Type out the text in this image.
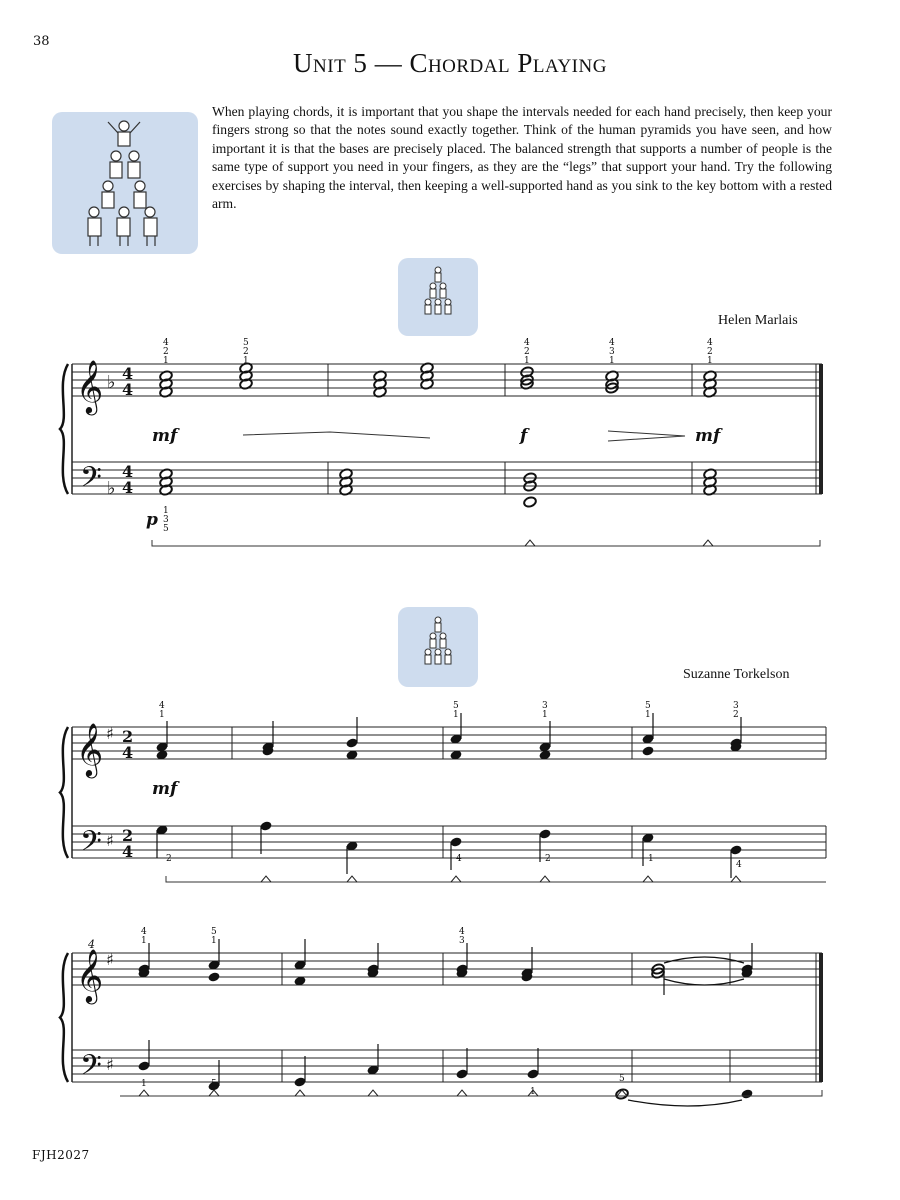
38
Unit 5 — Chordal Playing
When playing chords, it is important that you shape the intervals needed for each hand precisely, then keep your fingers strong so that the notes sound exactly together. Think of the human pyramids you have seen, and how important it is that the bases are precisely placed. The balanced strength that supports a number of people is the same type of support you need in your fingers, as they are the “legs” that support your hand. Try the following exercises by shaping the interval, then keeping a well-supported hand as you sink to the key bottom with a rested arm.
Helen Marlais
Suzanne Torkelson
FJH2027
𝄞
𝄢
♭
♭
4
4
4
4
4
2
1
5
2
1
4
2
1
4
3
1
4
2
1
1
3
5
mf	f	mf
p
𝄞
𝄢
♯
♯
2
4
2
4
4
1
5
1
3
1
5
1
3
2
2	4	2	1
4
mf
𝄞
𝄢
♯
♯
4
4
1
5
1
4
3
1	5
1
5
